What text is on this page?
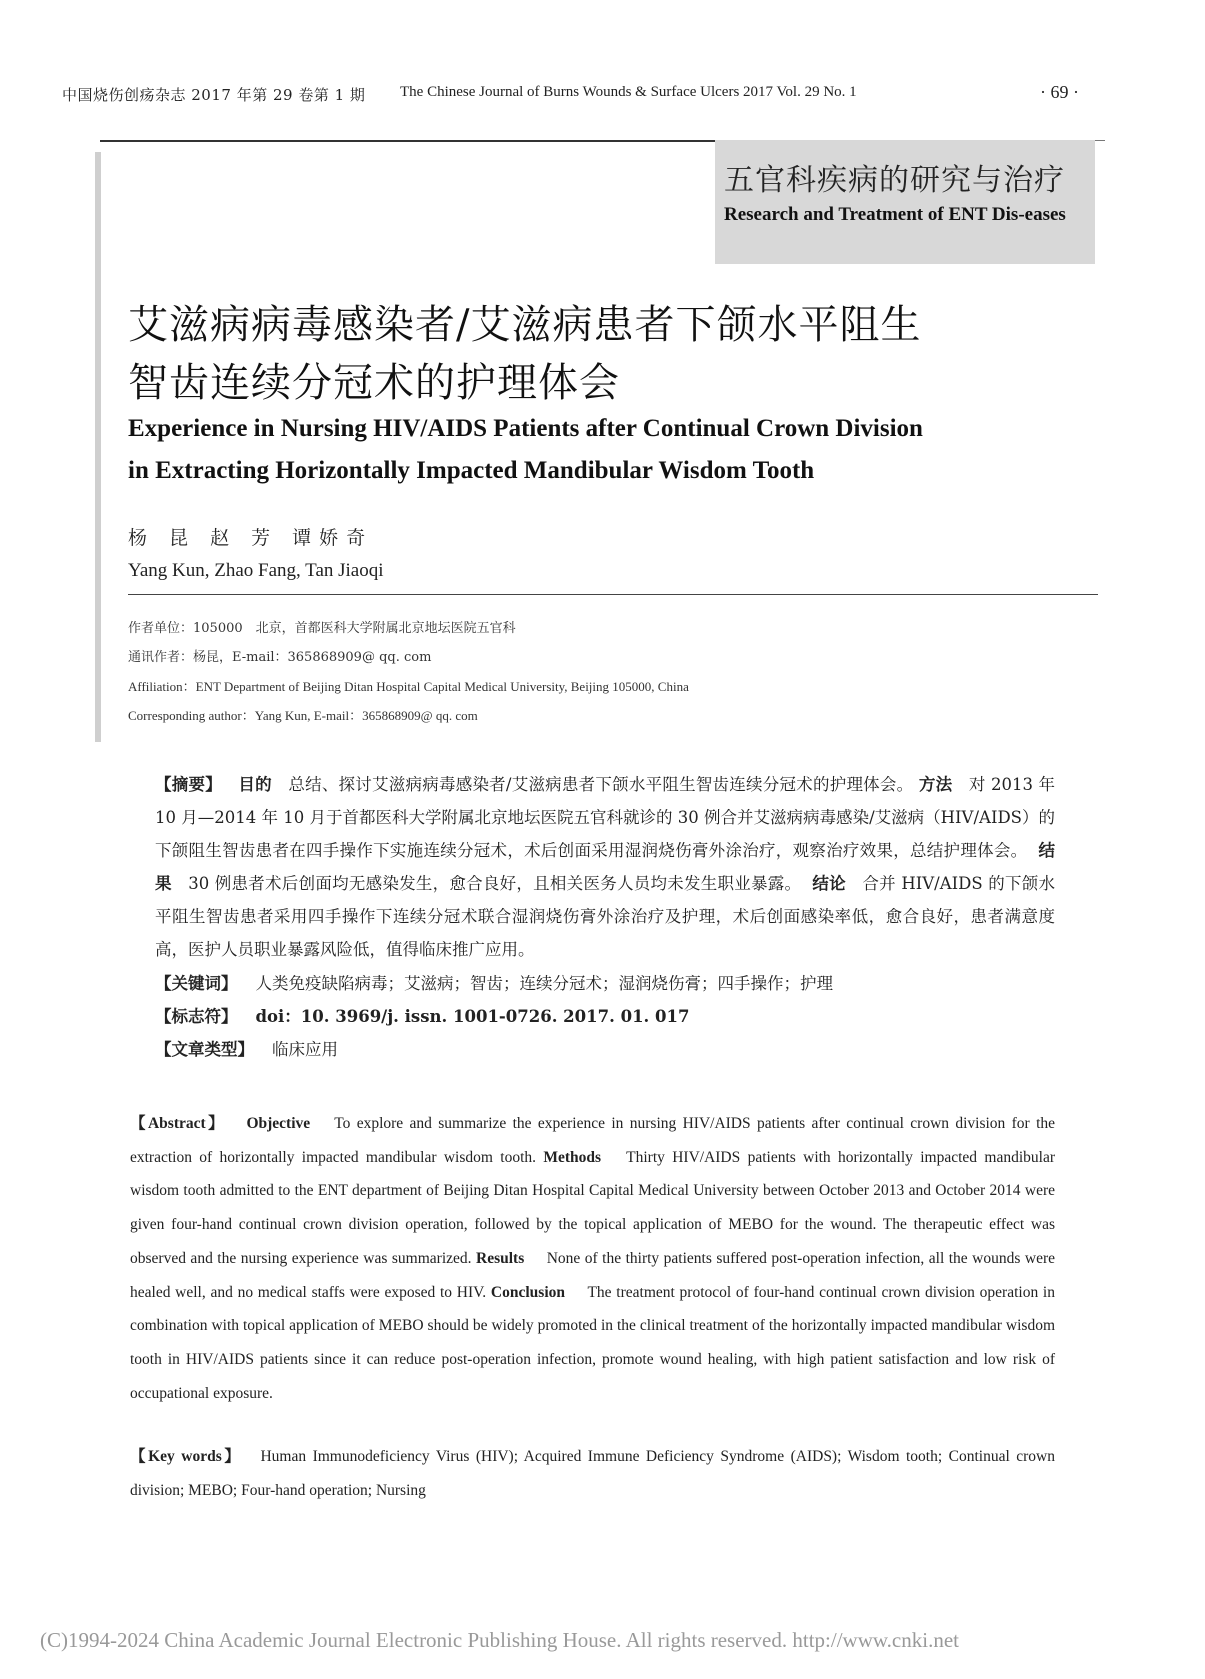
中国烧伤创疡杂志 2017 年第 29 卷第 1 期 The Chinese Journal of Burns Wounds & Surface Ulcers 2017 Vol. 29 No. 1	· 69 ·
五官科疾病的研究与治疗
Research and Treatment of ENT Dis-eases
艾滋病病毒感染者/艾滋病患者下颌水平阻生
智齿连续分冠术的护理体会
Experience in Nursing HIV/AIDS Patients after Continual Crown Division
in Extracting Horizontally Impacted Mandibular Wisdom Tooth
杨 昆 赵 芳 谭娇奇
Yang Kun, Zhao Fang, Tan Jiaoqi
作者单位：105000　北京，首都医科大学附属北京地坛医院五官科
通讯作者：杨昆，E-mail：365868909@ qq. com
Affiliation：ENT Department of Beijing Ditan Hospital Capital Medical University, Beijing 105000, China
Corresponding author：Yang Kun, E-mail：365868909@ qq. com
【摘要】 目的 总结、探讨艾滋病病毒感染者/艾滋病患者下颌水平阻生智齿连续分冠术的护理体会。 方法 对 2013 年 10 月—2014 年 10 月于首都医科大学附属北京地坛医院五官科就诊的 30 例合并艾滋病病毒感染/艾滋病（HIV/AIDS）的下颌阻生智齿患者在四手操作下实施连续分冠术，术后创面采用湿润烧伤膏外涂治疗，观察治疗效果，总结护理体会。 结果 30 例患者术后创面均无感染发生，愈合良好，且相关医务人员均未发生职业暴露。 结论 合并 HIV/AIDS 的下颌水平阻生智齿患者采用四手操作下连续分冠术联合湿润烧伤膏外涂治疗及护理，术后创面感染率低，愈合良好，患者满意度高，医护人员职业暴露风险低，值得临床推广应用。
【关键词】 人类免疫缺陷病毒；艾滋病；智齿；连续分冠术；湿润烧伤膏；四手操作；护理
【标志符】 doi：10. 3969/j. issn. 1001-0726. 2017. 01. 017
【文章类型】 临床应用
【Abstract】 Objective To explore and summarize the experience in nursing HIV/AIDS patients after continual crown division for the extraction of horizontally impacted mandibular wisdom tooth. Methods Thirty HIV/AIDS patients with horizontally impacted mandibular wisdom tooth admitted to the ENT department of Beijing Ditan Hospital Capital Medical University between October 2013 and October 2014 were given four-hand continual crown division operation, followed by the topical application of MEBO for the wound. The therapeutic effect was observed and the nursing experience was summarized. Results None of the thirty patients suffered post-operation infection, all the wounds were healed well, and no medical staffs were exposed to HIV. Conclusion The treatment protocol of four-hand continual crown division operation in combination with topical application of MEBO should be widely promoted in the clinical treatment of the horizontally impacted mandibular wisdom tooth in HIV/AIDS patients since it can reduce post-operation infection, promote wound healing, with high patient satisfaction and low risk of occupational exposure.
【Key words】 Human Immunodeficiency Virus (HIV); Acquired Immune Deficiency Syndrome (AIDS); Wisdom tooth; Continual crown division; MEBO; Four-hand operation; Nursing
(C)1994-2024 China Academic Journal Electronic Publishing House. All rights reserved. http://www.cnki.net
